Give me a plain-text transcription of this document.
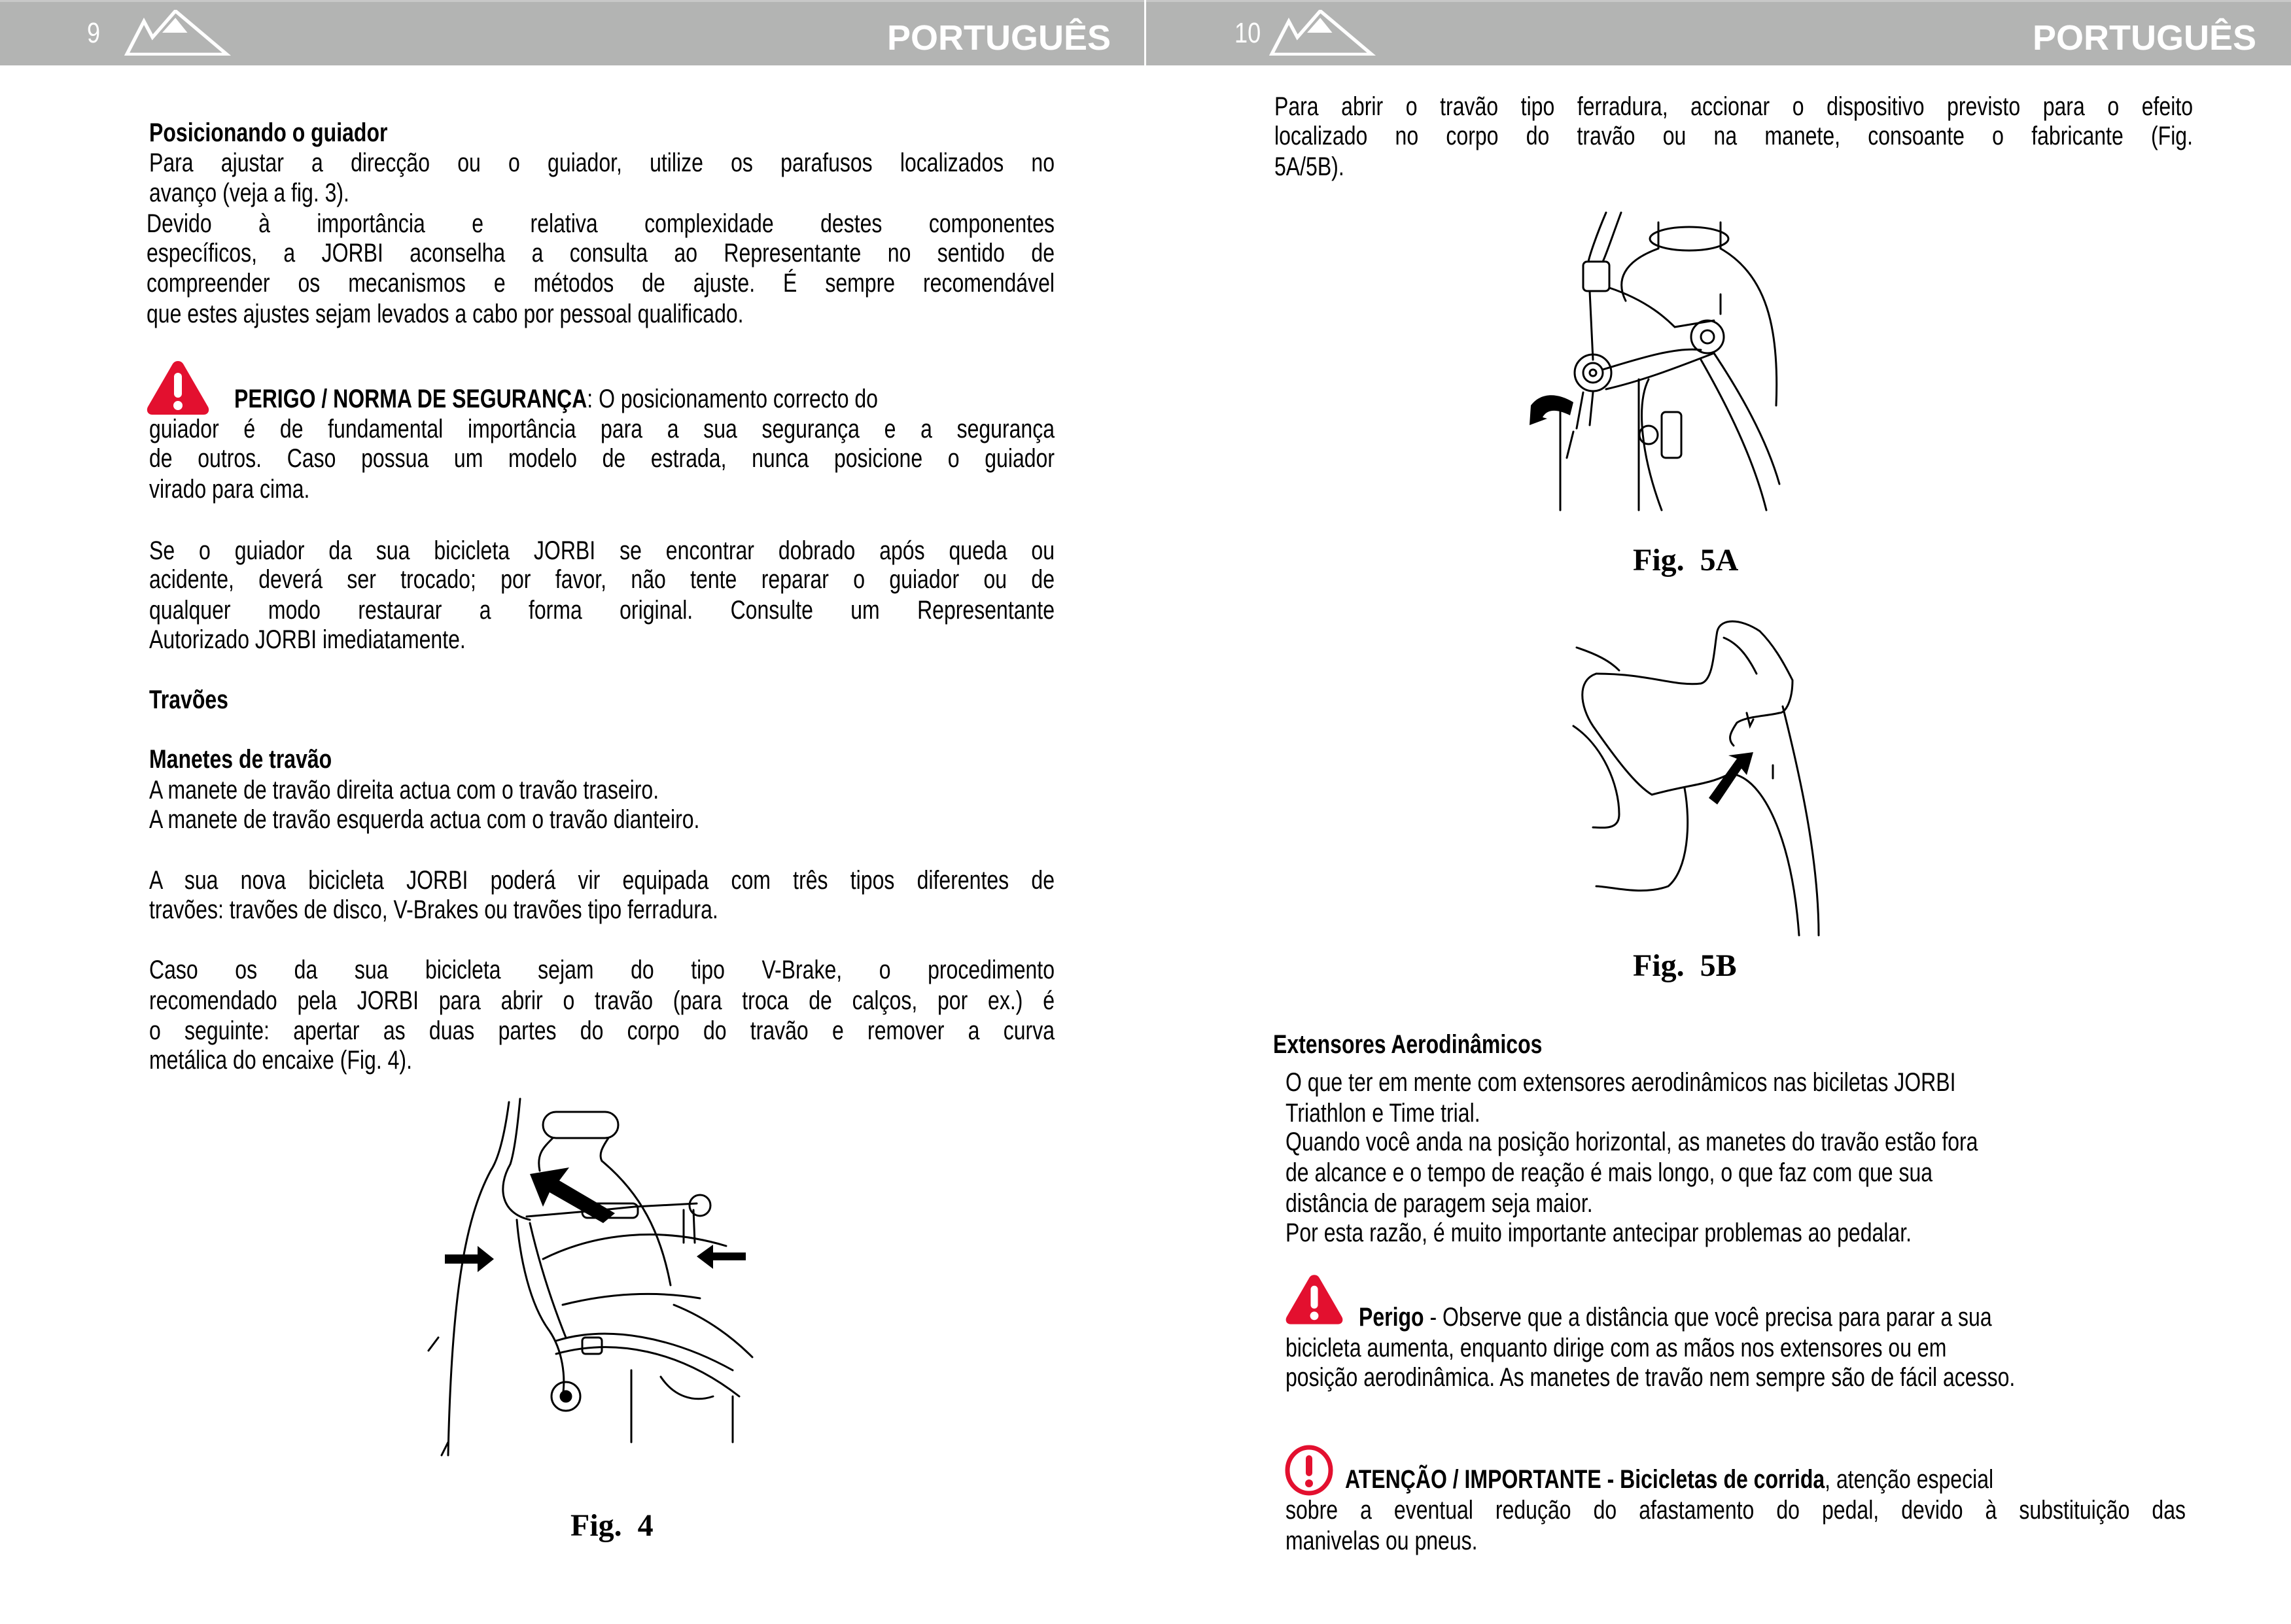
9	PORTUGUÊS	10	PORTUGUÊS
Posicionando o guiador
Para ajustar a direcção ou o guiador, utilize os parafusos localizados no
avanço (veja a fig. 3).
Devido à importância e relativa complexidade destes componentes
específicos, a JORBI aconselha a consulta ao Representante no sentido de
compreender os mecanismos e métodos de ajuste. É sempre recomendável
que estes ajustes sejam levados a cabo por pessoal qualificado.
PERIGO / NORMA DE SEGURANÇA: O posicionamento correcto do
guiador é de fundamental importância para a sua segurança e a segurança
de outros. Caso possua um modelo de estrada, nunca posicione o guiador
virado para cima.
Se o guiador da sua bicicleta JORBI se encontrar dobrado após queda ou
acidente, deverá ser trocado; por favor, não tente reparar o guiador ou de
qualquer modo restaurar a forma original. Consulte um Representante
Autorizado JORBI imediatamente.
Travões
Manetes de travão
A manete de travão direita actua com o travão traseiro.
A manete de travão esquerda actua com o travão dianteiro.
A sua nova bicicleta JORBI poderá vir equipada com três tipos diferentes de
travões: travões de disco, V-Brakes ou travões tipo ferradura.
Caso os da sua bicicleta sejam do tipo V-Brake, o procedimento
recomendado pela JORBI para abrir o travão (para troca de calços, por ex.) é
o seguinte: apertar as duas partes do corpo do travão e remover a curva
metálica do encaixe (Fig. 4).
Fig.  4
Para abrir o travão tipo ferradura, accionar o dispositivo previsto para o efeito
localizado no corpo do travão ou na manete, consoante o fabricante (Fig.
5A/5B).
Fig.  5A
Fig.  5B
Extensores Aerodinâmicos
O que ter em mente com extensores aerodinâmicos nas biciletas JORBI
Triathlon e Time trial.
Quando você anda na posição horizontal, as manetes do travão estão fora
de alcance e o tempo de reação é mais longo, o que faz com que sua
distância de paragem seja maior.
Por esta razão, é muito importante antecipar problemas ao pedalar.
Perigo - Observe que a distância que você precisa para parar a sua
bicicleta aumenta, enquanto dirige com as mãos nos extensores ou em
posição aerodinâmica. As manetes de travão nem sempre são de fácil acesso.
ATENÇÃO / IMPORTANTE - Bicicletas de corrida, atenção especial
sobre a eventual redução do afastamento do pedal, devido à substituição das
manivelas ou pneus.
